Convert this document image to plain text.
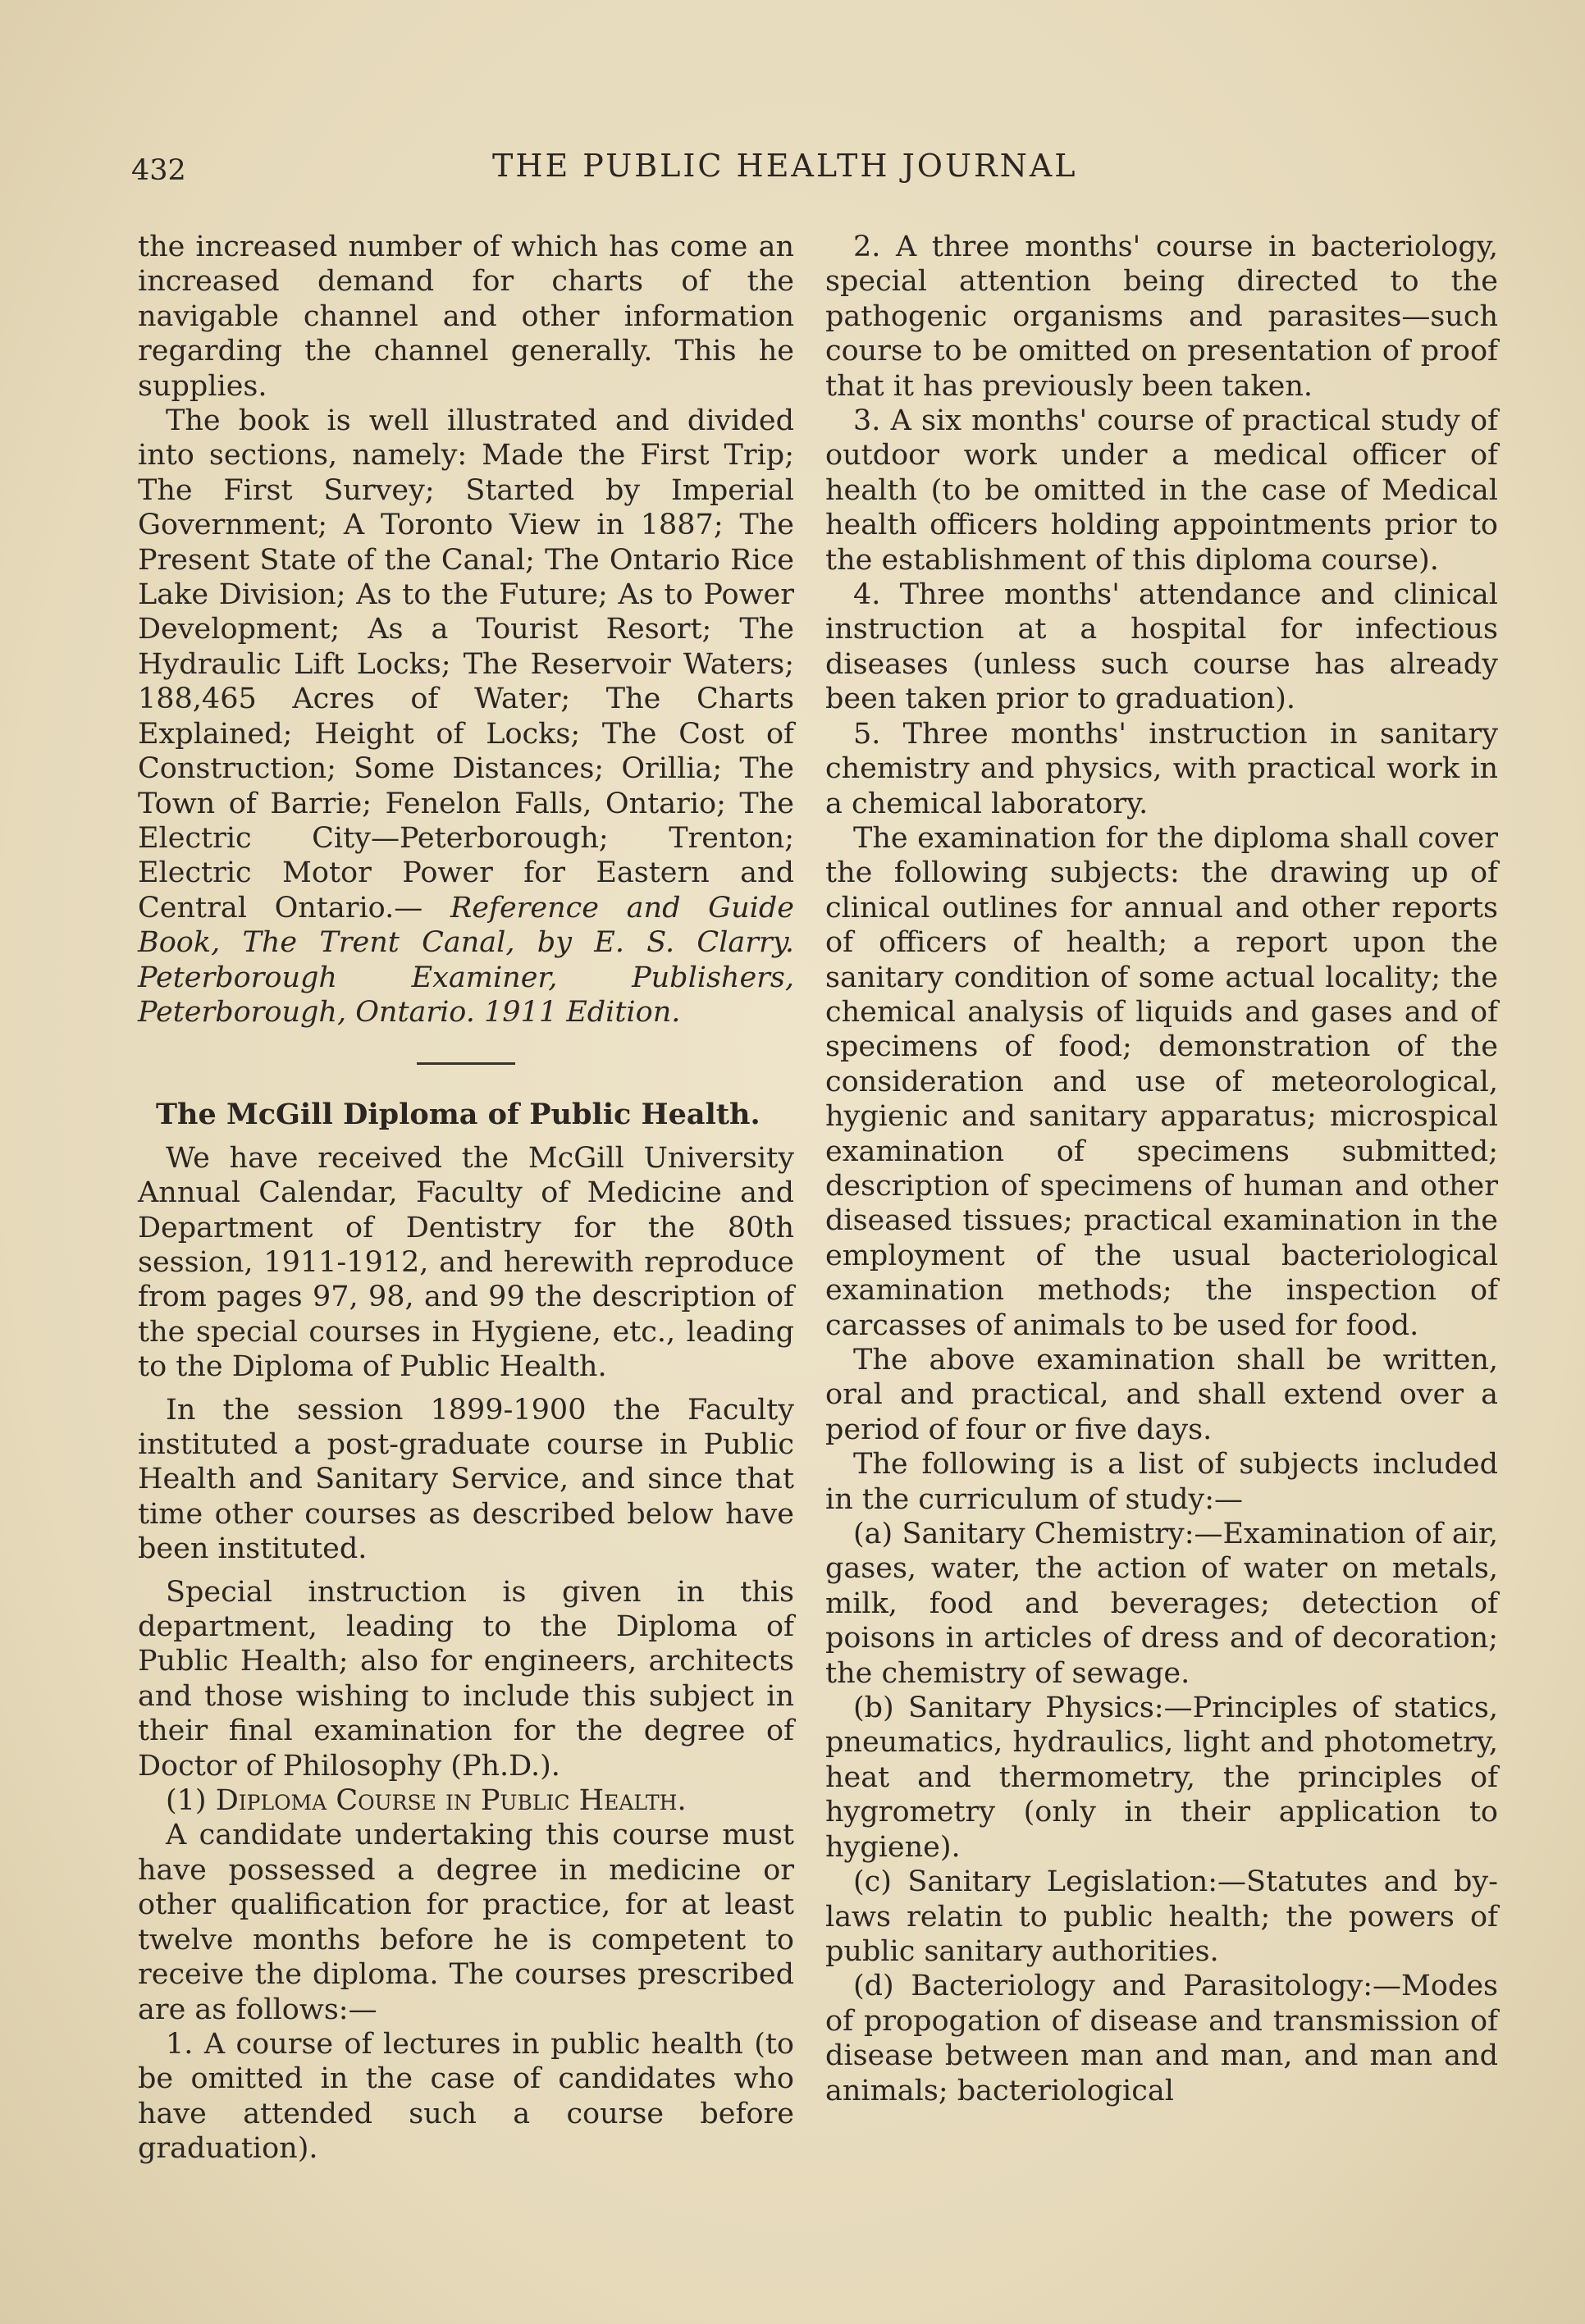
432	THE PUBLIC HEALTH JOURNAL

the increased number of which has come an increased demand for charts of the navigable channel and other information regarding the channel generally. This he supplies.

The book is well illustrated and divided into sections, namely: Made the First Trip; The First Survey; Started by Imperial Government; A Toronto View in 1887; The Present State of the Canal; The Ontario Rice Lake Division; As to the Future; As to Power Development; As a Tourist Resort; The Hydraulic Lift Locks; The Reservoir Waters; 188,465 Acres of Water; The Charts Explained; Height of Locks; The Cost of Construction; Some Distances; Orillia; The Town of Barrie; Fenelon Falls, Ontario; The Electric City—Peterborough; Trenton; Electric Motor Power for Eastern and Central Ontario.— Reference and Guide Book, The Trent Canal, by E. S. Clarry. Peterborough Examiner, Publishers, Peterborough, Ontario. 1911 Edition.

The McGill Diploma of Public Health.

We have received the McGill University Annual Calendar, Faculty of Medicine and Department of Dentistry for the 80th session, 1911-1912, and herewith reproduce from pages 97, 98, and 99 the description of the special courses in Hygiene, etc., leading to the Diploma of Public Health.

In the session 1899-1900 the Faculty instituted a post-graduate course in Public Health and Sanitary Service, and since that time other courses as described below have been instituted.

Special instruction is given in this department, leading to the Diploma of Public Health; also for engineers, architects and those wishing to include this subject in their final examination for the degree of Doctor of Philosophy (Ph.D.).

(1) Diploma Course in Public Health.

A candidate undertaking this course must have possessed a degree in medicine or other qualification for practice, for at least twelve months before he is competent to receive the diploma. The courses prescribed are as follows:—

1. A course of lectures in public health (to be omitted in the case of candidates who have attended such a course before graduation).

2. A three months' course in bacteriology, special attention being directed to the pathogenic organisms and parasites—such course to be omitted on presentation of proof that it has previously been taken.

3. A six months' course of practical study of outdoor work under a medical officer of health (to be omitted in the case of Medical health officers holding appointments prior to the establishment of this diploma course).

4. Three months' attendance and clinical instruction at a hospital for infectious diseases (unless such course has already been taken prior to graduation).

5. Three months' instruction in sanitary chemistry and physics, with practical work in a chemical laboratory.

The examination for the diploma shall cover the following subjects: the drawing up of clinical outlines for annual and other reports of officers of health; a report upon the sanitary condition of some actual locality; the chemical analysis of liquids and gases and of specimens of food; demonstration of the consideration and use of meteorological, hygienic and sanitary apparatus; microspical examination of specimens submitted; description of specimens of human and other diseased tissues; practical examination in the employment of the usual bacteriological examination methods; the inspection of carcasses of animals to be used for food.

The above examination shall be written, oral and practical, and shall extend over a period of four or five days.

The following is a list of subjects included in the curriculum of study:—

(a) Sanitary Chemistry:—Examination of air, gases, water, the action of water on metals, milk, food and beverages; detection of poisons in articles of dress and of decoration; the chemistry of sewage.

(b) Sanitary Physics:—Principles of statics, pneumatics, hydraulics, light and photometry, heat and thermometry, the principles of hygrometry (only in their application to hygiene).

(c) Sanitary Legislation:—Statutes and by-laws relatin to public health; the powers of public sanitary authorities.

(d) Bacteriology and Parasitology:—Modes of propogation of disease and transmission of disease between man and man, and man and animals; bacteriological
